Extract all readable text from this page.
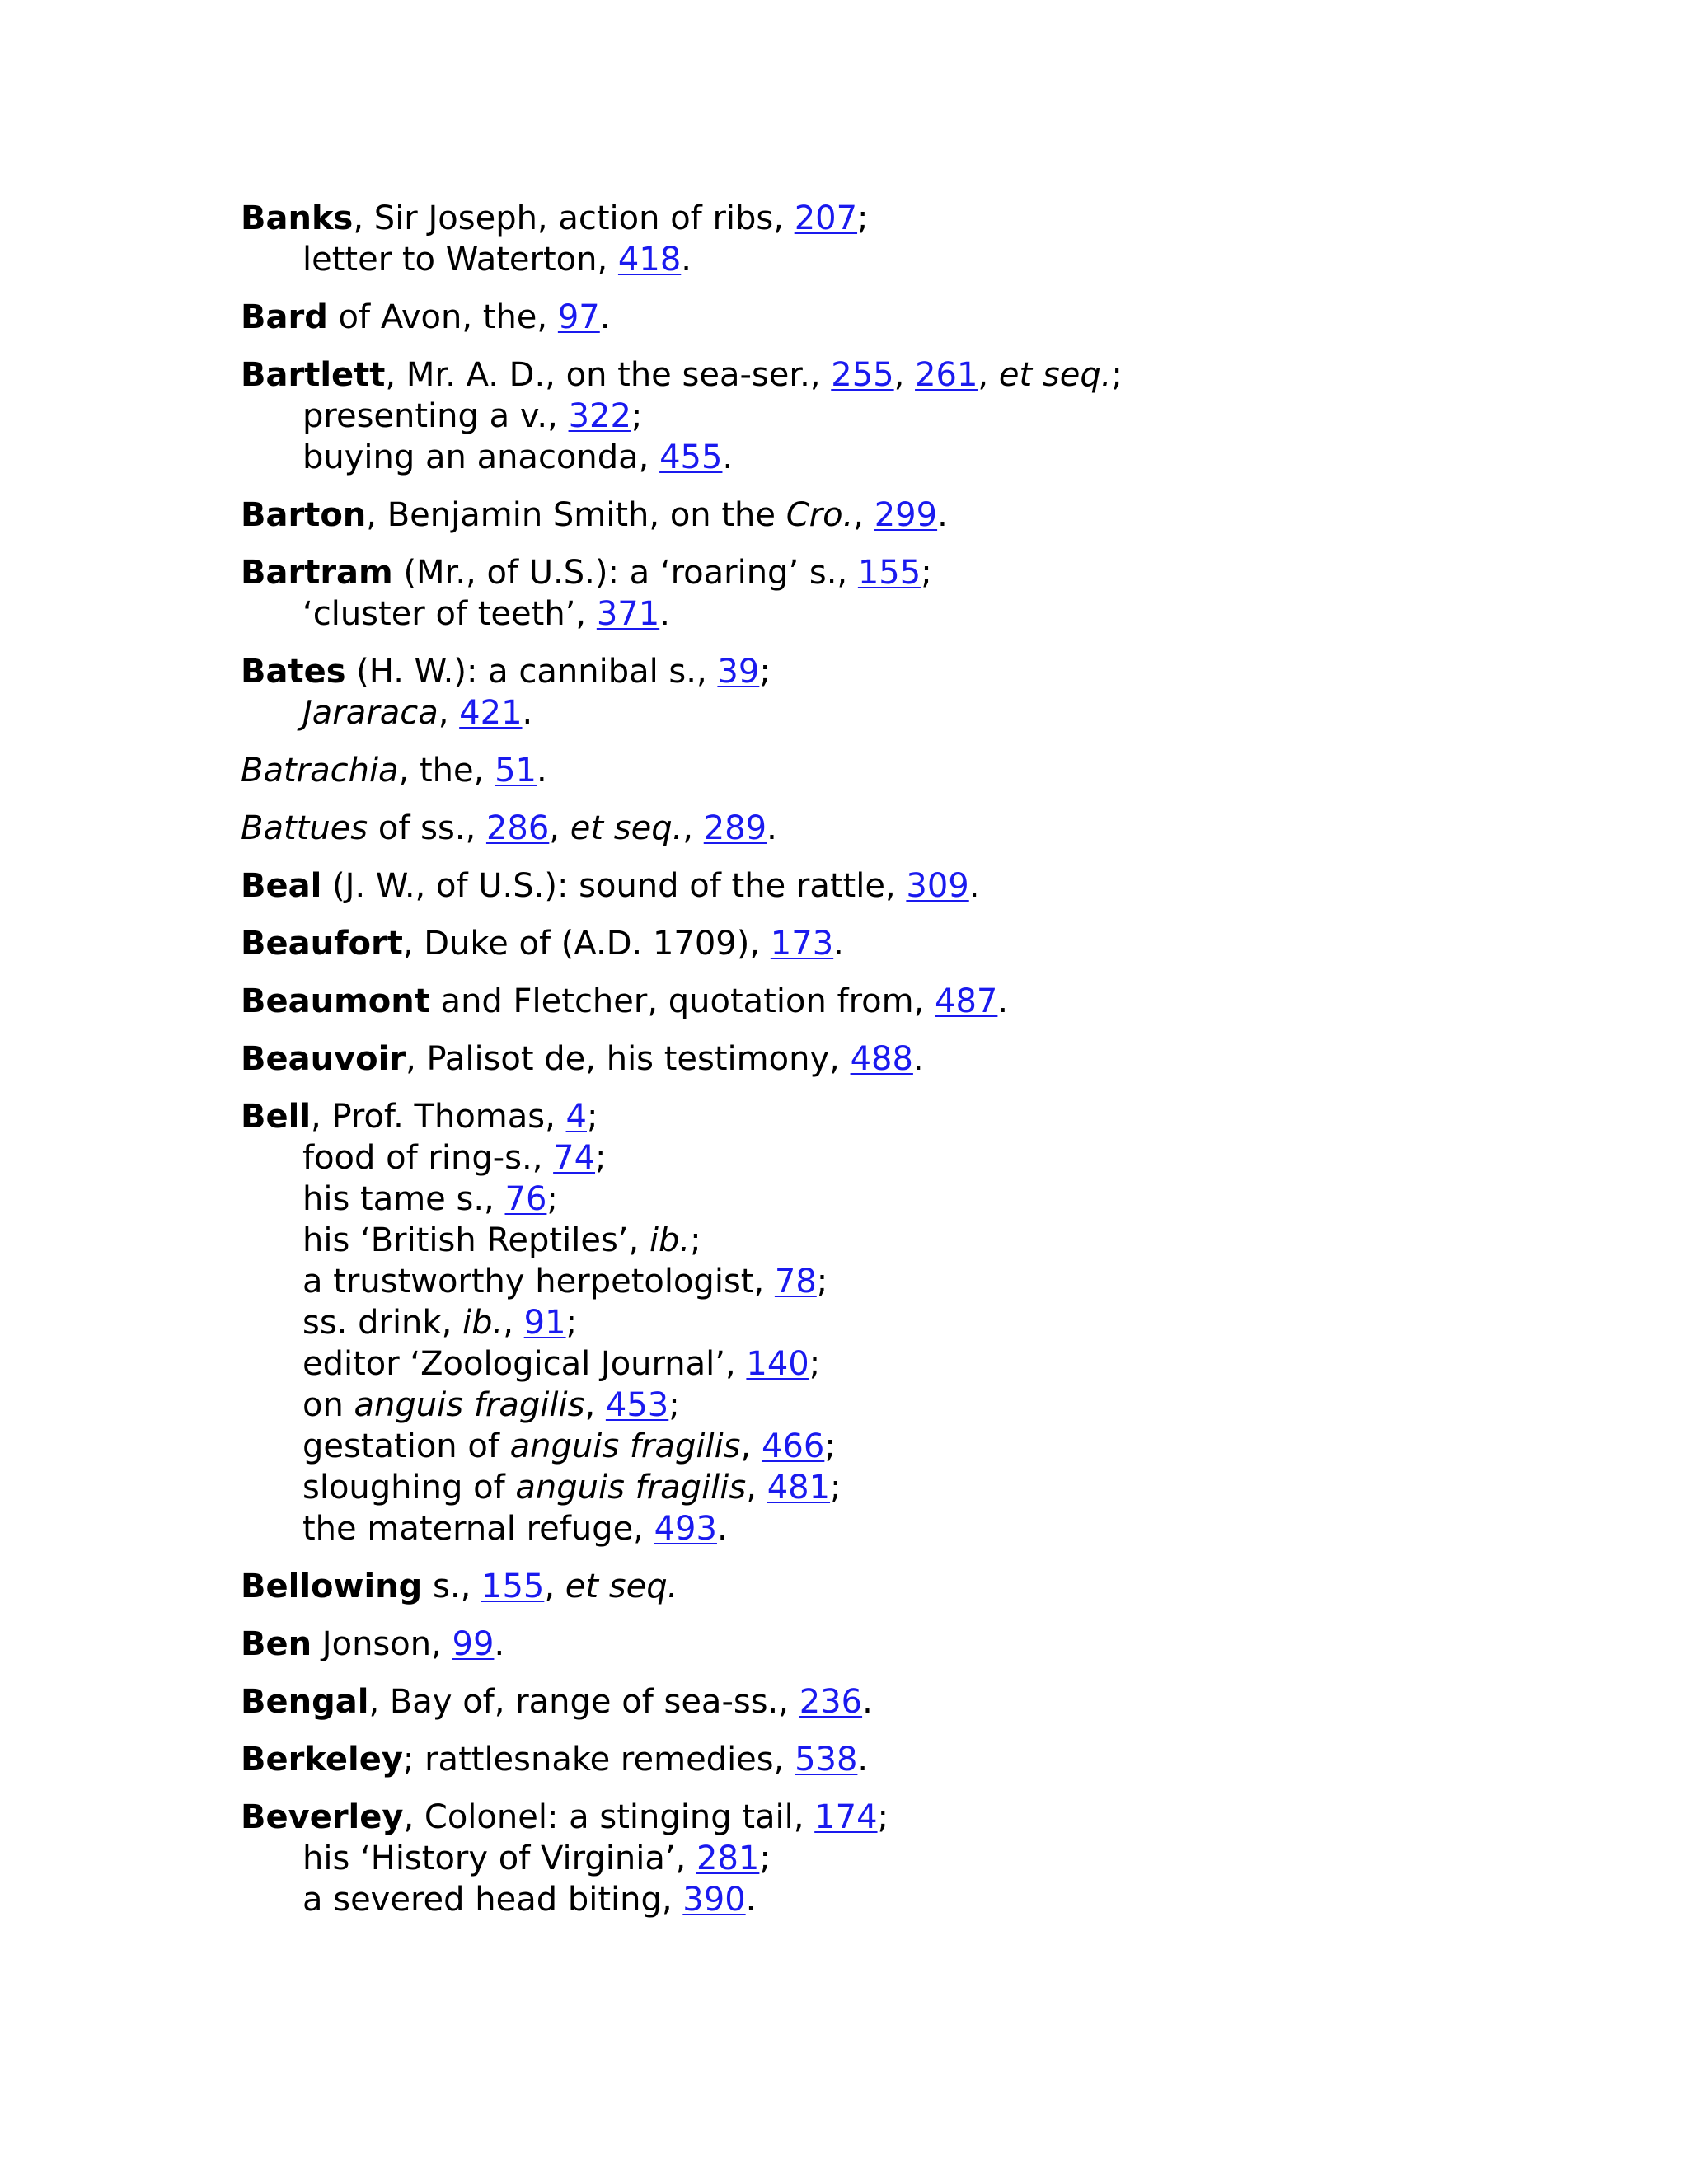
Banks, Sir Joseph, action of ribs, 207;
letter to Waterton, 418.
Bard of Avon, the, 97.
Bartlett, Mr. A. D., on the sea-ser., 255, 261, et seq.;
presenting a v., 322;
buying an anaconda, 455.
Barton, Benjamin Smith, on the Cro., 299.
Bartram (Mr., of U.S.): a ‘roaring’ s., 155;
‘cluster of teeth’, 371.
Bates (H. W.): a cannibal s., 39;
Jararaca, 421.
Batrachia, the, 51.
Battues of ss., 286, et seq., 289.
Beal (J. W., of U.S.): sound of the rattle, 309.
Beaufort, Duke of (A.D. 1709), 173.
Beaumont and Fletcher, quotation from, 487.
Beauvoir, Palisot de, his testimony, 488.
Bell, Prof. Thomas, 4;
food of ring-s., 74;
his tame s., 76;
his ‘British Reptiles’, ib.;
a trustworthy herpetologist, 78;
ss. drink, ib., 91;
editor ‘Zoological Journal’, 140;
on anguis fragilis, 453;
gestation of anguis fragilis, 466;
sloughing of anguis fragilis, 481;
the maternal refuge, 493.
Bellowing s., 155, et seq.
Ben Jonson, 99.
Bengal, Bay of, range of sea-ss., 236.
Berkeley; rattlesnake remedies, 538.
Beverley, Colonel: a stinging tail, 174;
his ‘History of Virginia’, 281;
a severed head biting, 390.
